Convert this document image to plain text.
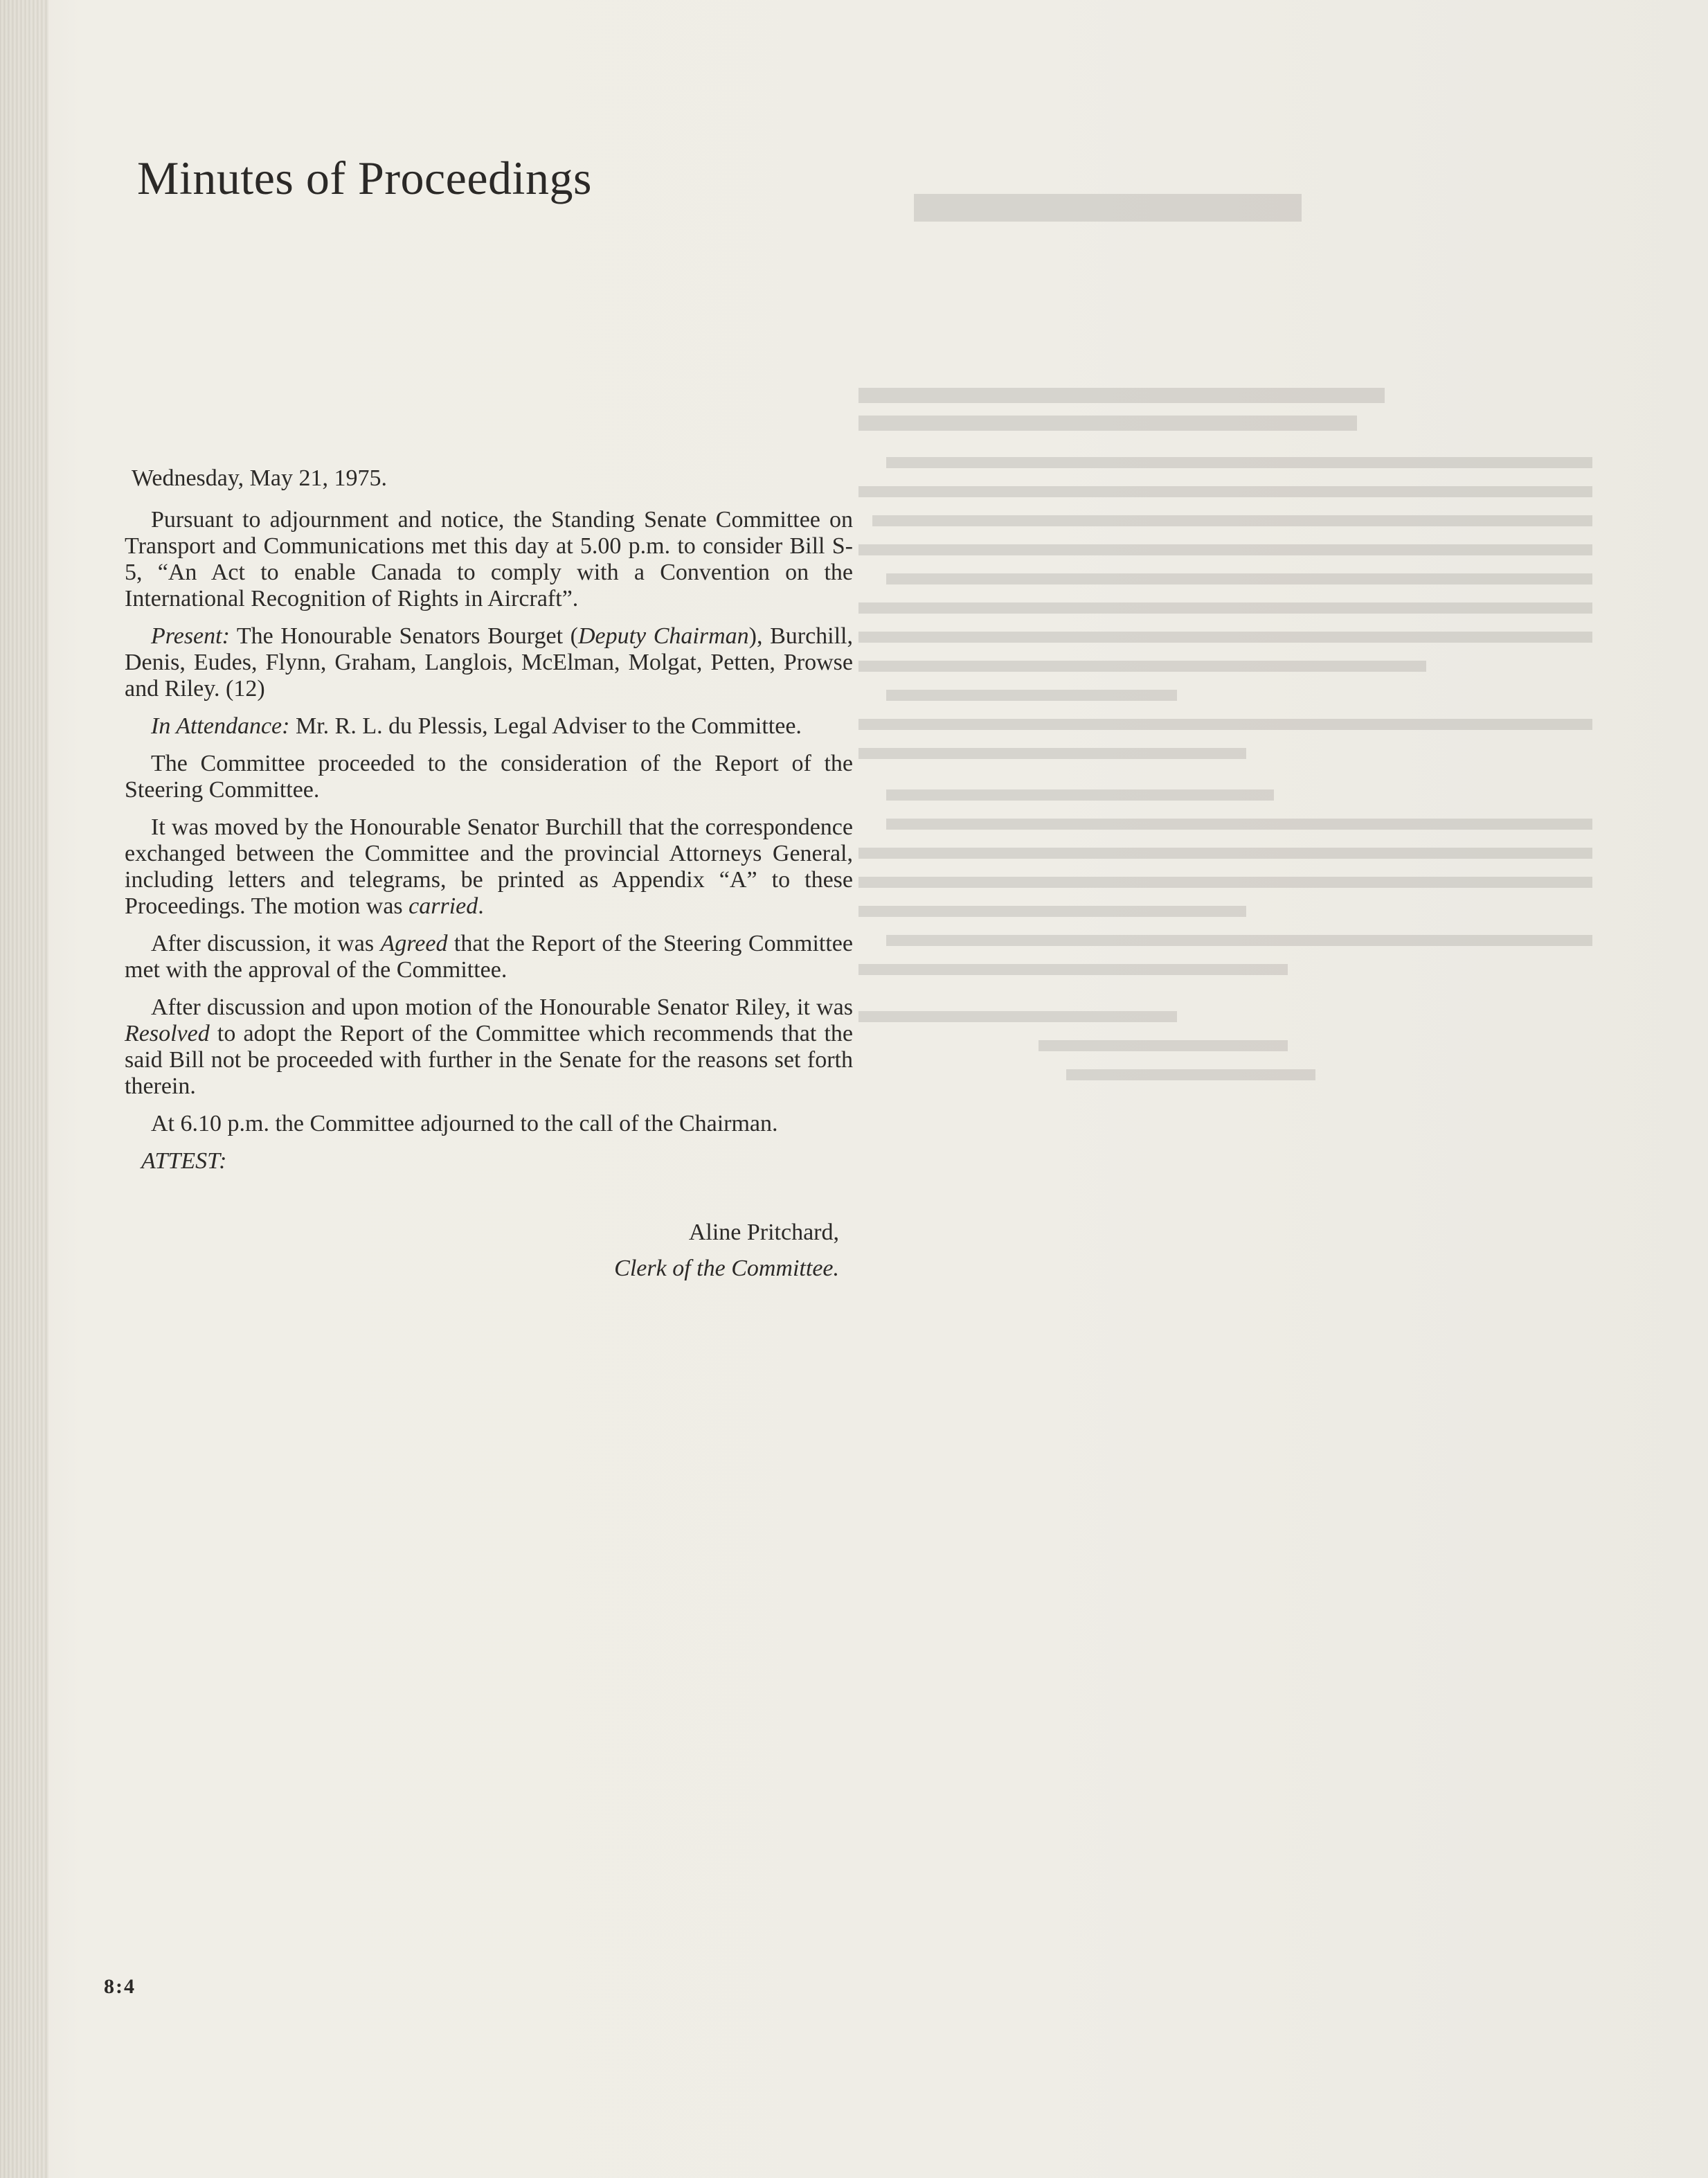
Minutes of Proceedings

Wednesday, May 21, 1975.

Pursuant to adjournment and notice, the Standing Senate Committee on Transport and Communications met this day at 5.00 p.m. to consider Bill S-5, “An Act to enable Canada to comply with a Convention on the International Recognition of Rights in Aircraft”.

Present: The Honourable Senators Bourget (Deputy Chairman), Burchill, Denis, Eudes, Flynn, Graham, Langlois, McElman, Molgat, Petten, Prowse and Riley. (12)

In Attendance: Mr. R. L. du Plessis, Legal Adviser to the Committee.

The Committee proceeded to the consideration of the Report of the Steering Committee.

It was moved by the Honourable Senator Burchill that the correspondence exchanged between the Committee and the provincial Attorneys General, including letters and telegrams, be printed as Appendix “A” to these Proceedings. The motion was carried.

After discussion, it was Agreed that the Report of the Steering Committee met with the approval of the Committee.

After discussion and upon motion of the Honourable Senator Riley, it was Resolved to adopt the Report of the Committee which recommends that the said Bill not be proceeded with further in the Senate for the reasons set forth therein.

At 6.10 p.m. the Committee adjourned to the call of the Chairman.

ATTEST:

Aline Pritchard,
Clerk of the Committee.
8:4
